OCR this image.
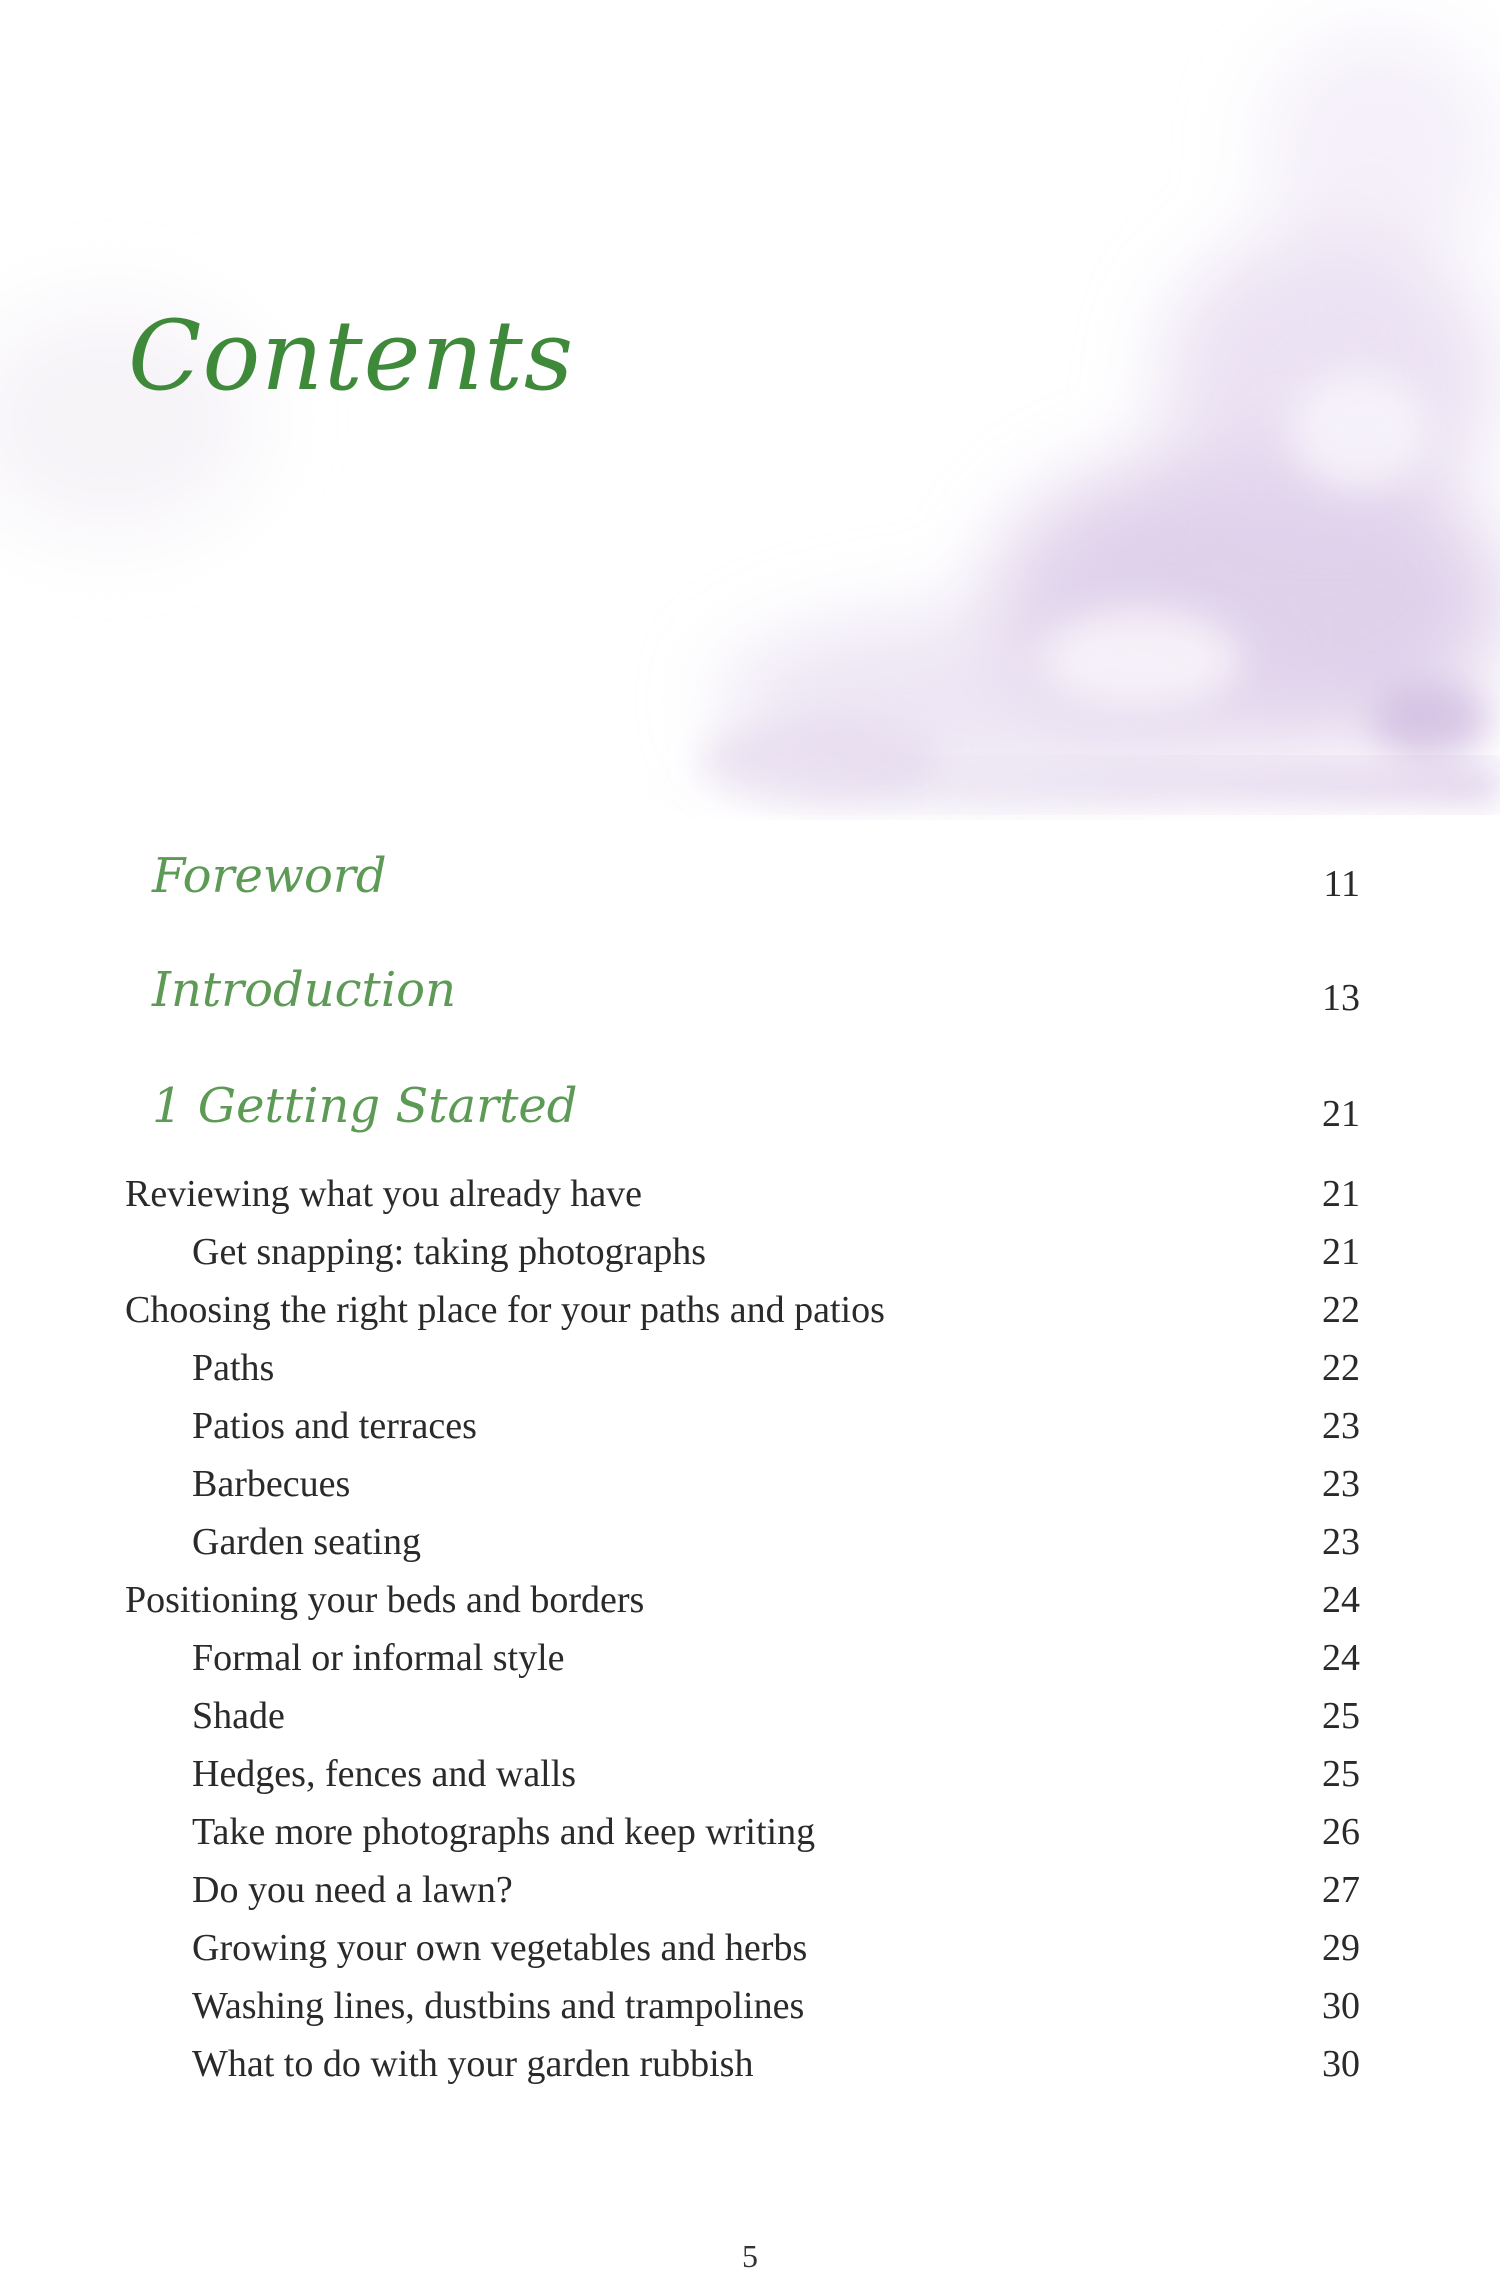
Contents
Foreword	11
Introduction	13
1 Getting Started	21
Reviewing what you already have	21
Get snapping: taking photographs	21
Choosing the right place for your paths and patios	22
Paths	22
Patios and terraces	23
Barbecues	23
Garden seating	23
Positioning your beds and borders	24
Formal or informal style	24
Shade	25
Hedges, fences and walls	25
Take more photographs and keep writing	26
Do you need a lawn?	27
Growing your own vegetables and herbs	29
Washing lines, dustbins and trampolines	30
What to do with your garden rubbish	30
5
